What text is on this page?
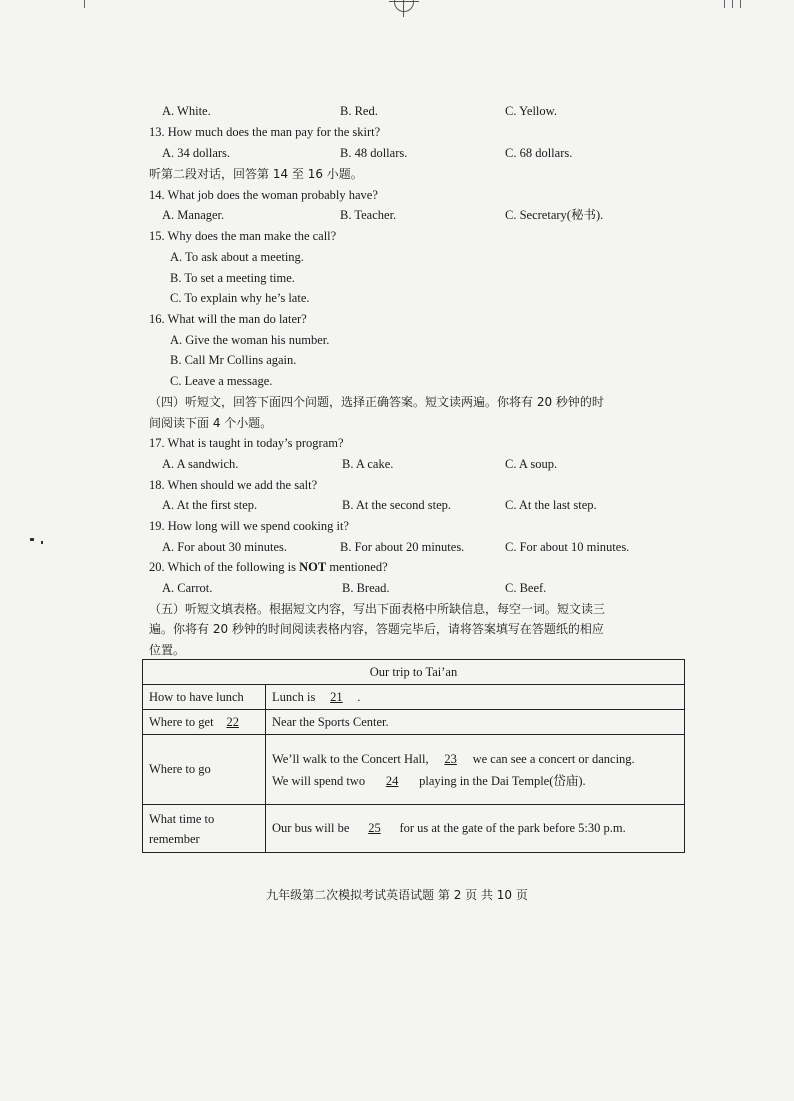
A. White.	B. Red.	C. Yellow.
13. How much does the man pay for the skirt?
A. 34 dollars.	B. 48 dollars.	C. 68 dollars.
听第二段对话，回答第 14 至 16 小题。
14. What job does the woman probably have?
A. Manager.	B. Teacher.	C. Secretary(秘书).
15. Why does the man make the call?
A. To ask about a meeting.
B. To set a meeting time.
C. To explain why he’s late.
16. What will the man do later?
A. Give the woman his number.
B. Call Mr Collins again.
C. Leave a message.
（四）听短文，回答下面四个问题，选择正确答案。短文读两遍。你将有 20 秒钟的时
间阅读下面 4 个小题。
17. What is taught in today’s program?
A. A sandwich.	B. A cake.	C. A soup.
18. When should we add the salt?
A. At the first step.	B. At the second step.	C. At the last step.
19. How long will we spend cooking it?
A. For about 30 minutes.	B. For about 20 minutes.	C. For about 10 minutes.
20. Which of the following is NOT mentioned?
A. Carrot.	B. Bread.	C. Beef.
（五）听短文填表格。根据短文内容，写出下面表格中所缺信息，每空一词。短文读三
遍。你将有 20 秒钟的时间阅读表格内容，答题完毕后，请将答案填写在答题纸的相应
位置。
Our trip to Tai’an	
How to have lunch	Lunch is 21 .
Where to get 22	Near the Sports Center.
Where to go	We’ll walk to the Concert Hall, 23 we can see a concert or dancing.
We will spend two 24 playing in the Dai Temple(岱庙).

What time to
remember	Our bus will be 25 for us at the gate of the park before 5:30 p.m.
九年级第二次模拟考试英语试题 第 2 页 共 10 页
